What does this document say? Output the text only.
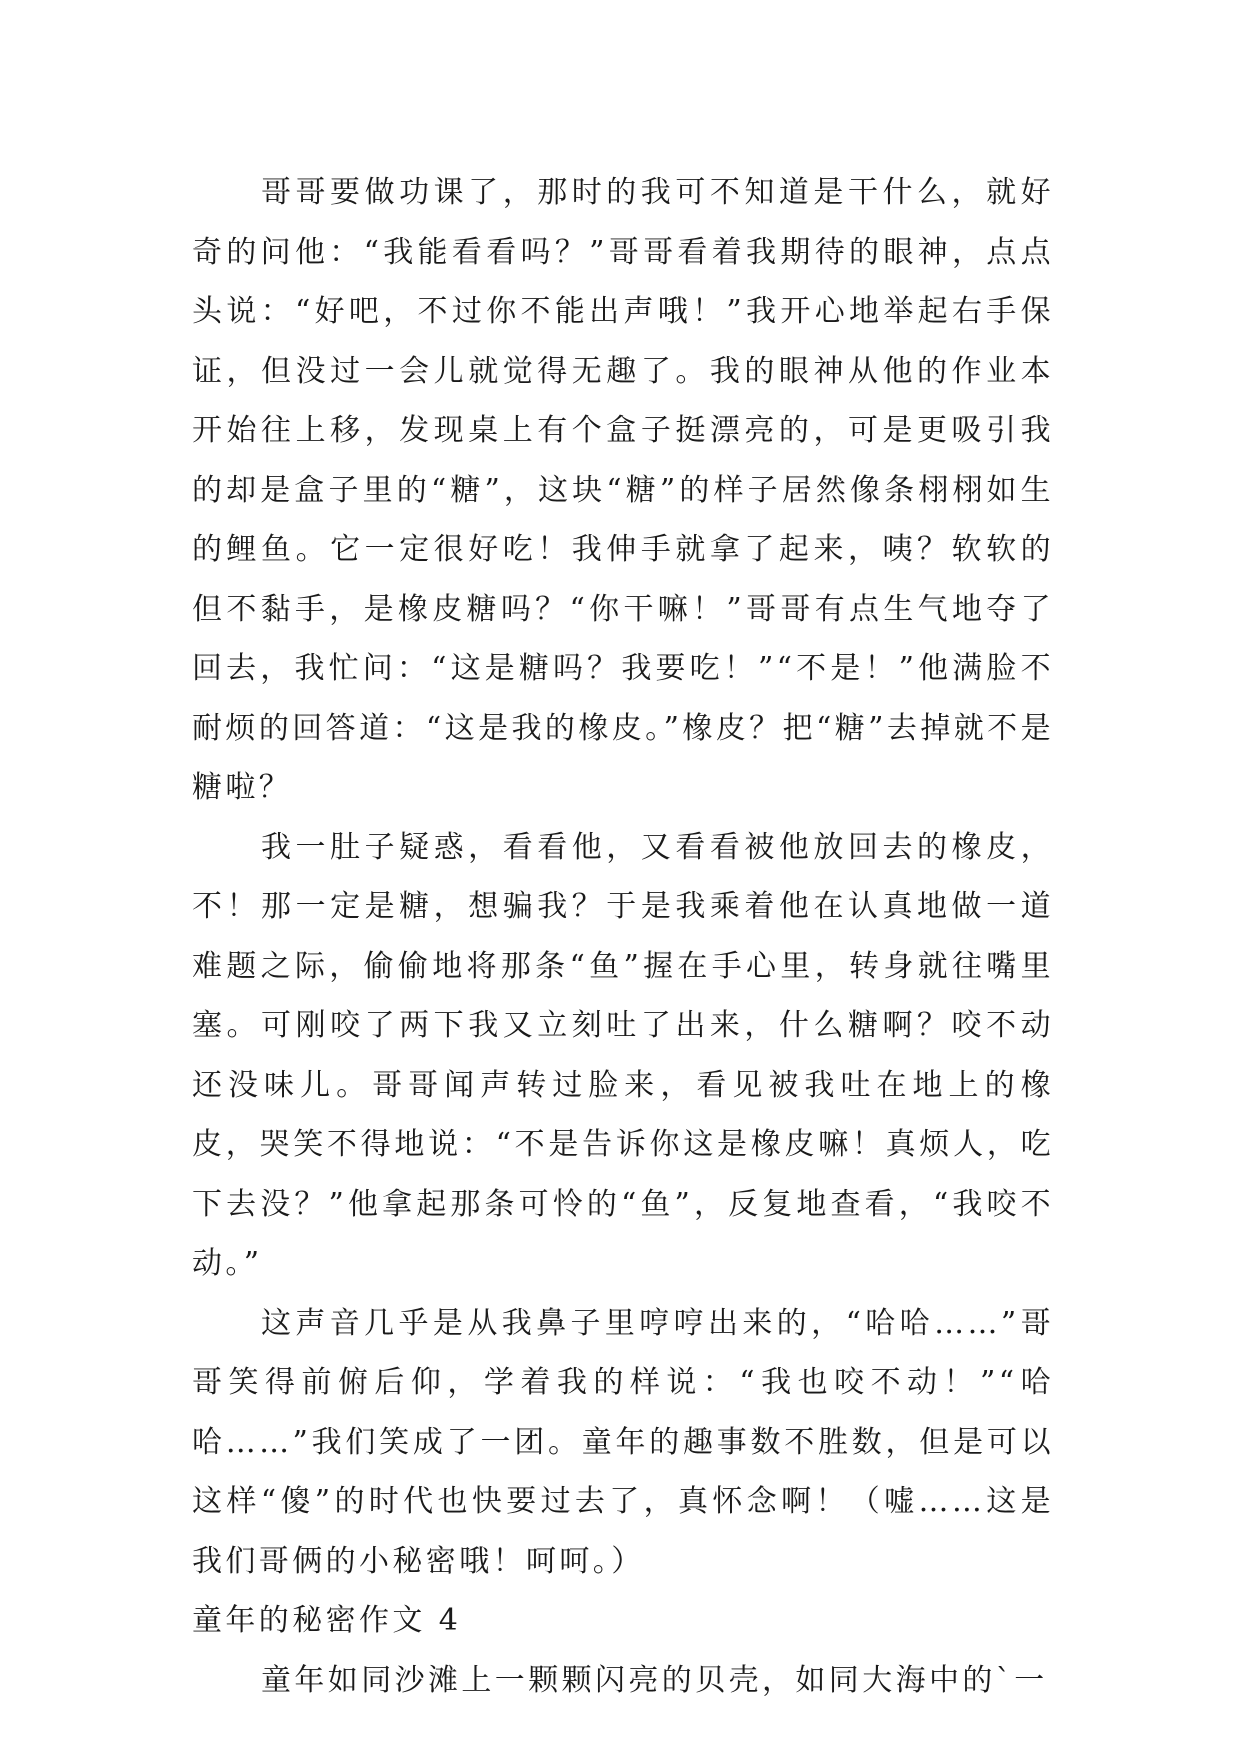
哥哥要做功课了，那时的我可不知道是干什么，就好奇的问他：“我能看看吗？”哥哥看着我期待的眼神，点点头说：“好吧，不过你不能出声哦！”我开心地举起右手保证，但没过一会儿就觉得无趣了。我的眼神从他的作业本开始往上移，发现桌上有个盒子挺漂亮的，可是更吸引我的却是盒子里的“糖”，这块“糖”的样子居然像条栩栩如生的鲤鱼。它一定很好吃！我伸手就拿了起来，咦？软软的但不黏手，是橡皮糖吗？“你干嘛！”哥哥有点生气地夺了回去，我忙问：“这是糖吗？我要吃！”“不是！”他满脸不耐烦的回答道：“这是我的橡皮。”橡皮？把“糖”去掉就不是糖啦？

我一肚子疑惑，看看他，又看看被他放回去的橡皮，不！那一定是糖，想骗我？于是我乘着他在认真地做一道难题之际，偷偷地将那条“鱼”握在手心里，转身就往嘴里塞。可刚咬了两下我又立刻吐了出来，什么糖啊？咬不动还没味儿。哥哥闻声转过脸来，看见被我吐在地上的橡皮，哭笑不得地说：“不是告诉你这是橡皮嘛！真烦人，吃下去没？”他拿起那条可怜的“鱼”，反复地查看，“我咬不动。”

这声音几乎是从我鼻子里哼哼出来的，“哈哈……”哥哥笑得前俯后仰，学着我的样说：“我也咬不动！”“哈哈……”我们笑成了一团。童年的趣事数不胜数，但是可以这样“傻”的时代也快要过去了，真怀念啊！（嘘……这是我们哥俩的小秘密哦！呵呵。）

童年的秘密作文 4

童年如同沙滩上一颗颗闪亮的贝壳，如同大海中的`一
